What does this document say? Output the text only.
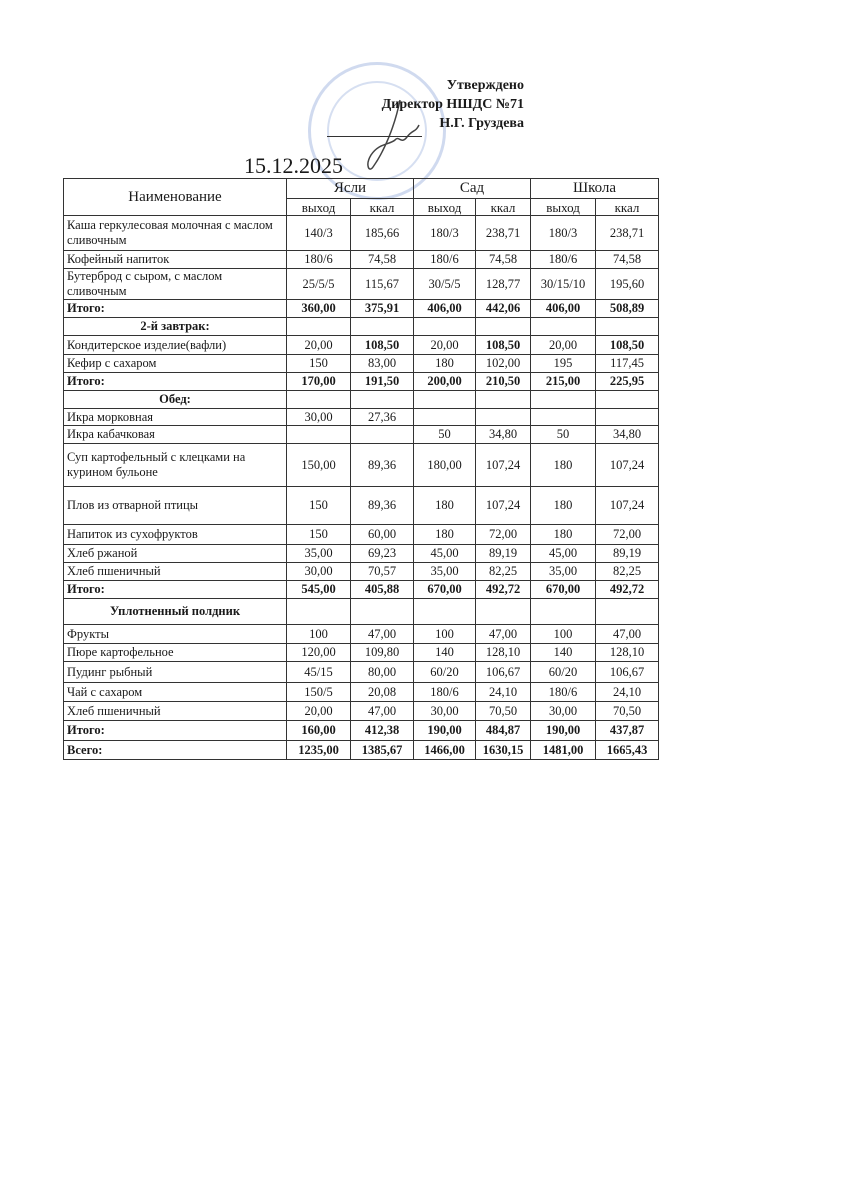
Утверждено
Директор НШДС №71
Н.Г. Груздева
15.12.2025
Наименование	Ясли		Сад		Школа	
	выход	ккал	выход	ккал	выход	ккал
Каша геркулесовая молочная с маслом сливочным	140/3	185,66	180/3	238,71	180/3	238,71
Кофейный напиток	180/6	74,58	180/6	74,58	180/6	74,58
Бутерброд с сыром, с маслом сливочным	25/5/5	115,67	30/5/5	128,77	30/15/10	195,60
Итого:	360,00	375,91	406,00	442,06	406,00	508,89
2-й завтрак:						
Кондитерское изделие(вафли)	20,00	108,50	20,00	108,50	20,00	108,50
Кефир с сахаром	150	83,00	180	102,00	195	117,45
Итого:	170,00	191,50	200,00	210,50	215,00	225,95
Обед:						
Икра морковная	30,00	27,36				
Икра кабачковая			50	34,80	50	34,80
Суп картофельный с клецками на курином бульоне	150,00	89,36	180,00	107,24	180	107,24
Плов из отварной птицы	150	89,36	180	107,24	180	107,24
Напиток из сухофруктов	150	60,00	180	72,00	180	72,00
Хлеб ржаной	35,00	69,23	45,00	89,19	45,00	89,19
Хлеб пшеничный	30,00	70,57	35,00	82,25	35,00	82,25
Итого:	545,00	405,88	670,00	492,72	670,00	492,72
Уплотненный полдник						
Фрукты	100	47,00	100	47,00	100	47,00
Пюре картофельное	120,00	109,80	140	128,10	140	128,10
Пудинг рыбный	45/15	80,00	60/20	106,67	60/20	106,67
Чай с сахаром	150/5	20,08	180/6	24,10	180/6	24,10
Хлеб пшеничный	20,00	47,00	30,00	70,50	30,00	70,50
Итого:	160,00	412,38	190,00	484,87	190,00	437,87
Всего:	1235,00	1385,67	1466,00	1630,15	1481,00	1665,43
